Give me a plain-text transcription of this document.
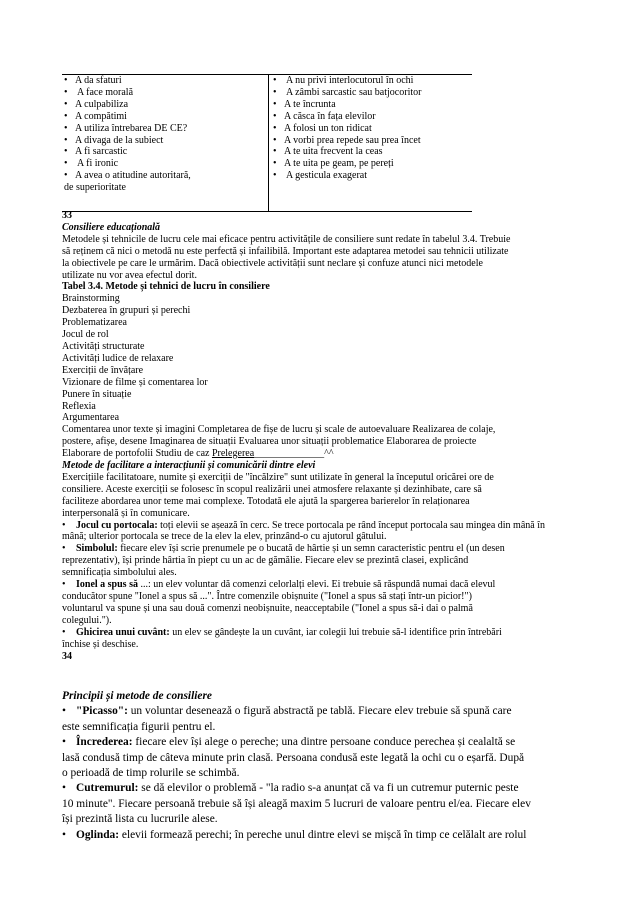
• A da sfaturi
• A face morală
• A culpabiliza
• A compătimi
• A utiliza întrebarea DE CE?
• A divaga de la subiect
• A fi sarcastic
• A fi ironic
• A avea o atitudine autoritară,
de superioritate
• A nu privi interlocutorul în ochi
• A zâmbi sarcastic sau batjocoritor
• A te încrunta
• A căsca în fața elevilor
• A folosi un ton ridicat
• A vorbi prea repede sau prea încet
• A te uita frecvent la ceas
• A te uita pe geam, pe pereți
• A gesticula exagerat
33
Consiliere educațională
Metodele și tehnicile de lucru cele mai eficace pentru activitățile de consiliere sunt redate în tabelul 3.4. Trebuie
să reținem că nici o metodă nu este perfectă și infailibilă. Important este adaptarea metodei sau tehnicii utilizate
la obiectivele pe care le urmărim. Dacă obiectivele activității sunt neclare și confuze atunci nici metodele
utilizate nu vor avea efectul dorit.
Tabel 3.4. Metode și tehnici de lucru în consiliere
Brainstorming
Dezbaterea în grupuri și perechi
Problematizarea
Jocul de rol
Activități structurate
Activități ludice de relaxare
Exerciții de învățare
Vizionare de filme și comentarea lor
Punere în situație
Reflexia
Argumentarea
Comentarea unor texte și imagini Completarea de fișe de lucru și scale de autoevaluare Realizarea de colaje,
postere, afișe, desene Imaginarea de situații Evaluarea unor situații problematice Elaborarea de proiecte
Elaborare de portofolii Studiu de caz Prelegerea______________^^
Metode de facilitare a interacțiunii și comunicării dintre elevi
Exercițiile facilitatoare, numite și exerciții de "încălzire" sunt utilizate în general la începutul oricărei ore de
consiliere. Aceste exerciții se folosesc în scopul realizării unei atmosfere relaxante și dezinhibate, care să
faciliteze abordarea unor teme mai complexe. Totodată ele ajută la spargerea barierelor în relaționarea
interpersonală și în comunicare.
• Jocul cu portocala: toți elevii se așează în cerc. Se trece portocala pe rând început portocala sau mingea din mână în
mână; ulterior portocala se trece de la elev la elev, prinzând-o cu ajutorul gâtului.
• Simbolul: fiecare elev își scrie prenumele pe o bucată de hârtie și un semn caracteristic pentru el (un desen
reprezentativ), își prinde hârtia în piept cu un ac de gămălie. Fiecare elev se prezintă clasei, explicând
semnificația simbolului ales.
• Ionel a spus să ...: un elev voluntar dă comenzi celorlalți elevi. Ei trebuie să răspundă numai dacă elevul
conducător spune "Ionel a spus să ...". Între comenzile obișnuite ("Ionel a spus să stați într-un picior!")
voluntarul va spune și una sau două comenzi neobișnuite, neacceptabile ("Ionel a spus să-i dai o palmă
colegului.").
• Ghicirea unui cuvânt: un elev se gândește la un cuvânt, iar colegii lui trebuie să-l identifice prin întrebări
închise și deschise.
34
Principii și metode de consiliere
• "Picasso": un voluntar desenează o figură abstractă pe tablă. Fiecare elev trebuie să spună care
este semnificația figurii pentru el.
• Încrederea: fiecare elev își alege o pereche; una dintre persoane conduce perechea și cealaltă se
lasă condusă timp de câteva minute prin clasă. Persoana condusă este legată la ochi cu o eșarfă. După
o perioadă de timp rolurile se schimbă.
• Cutremurul: se dă elevilor o problemă - "la radio s-a anunțat că va fi un cutremur puternic peste
10 minute". Fiecare persoană trebuie să își aleagă maxim 5 lucruri de valoare pentru el/ea. Fiecare elev
își prezintă lista cu lucrurile alese.
• Oglinda: elevii formează perechi; în pereche unul dintre elevi se mișcă în timp ce celălalt are rolul
